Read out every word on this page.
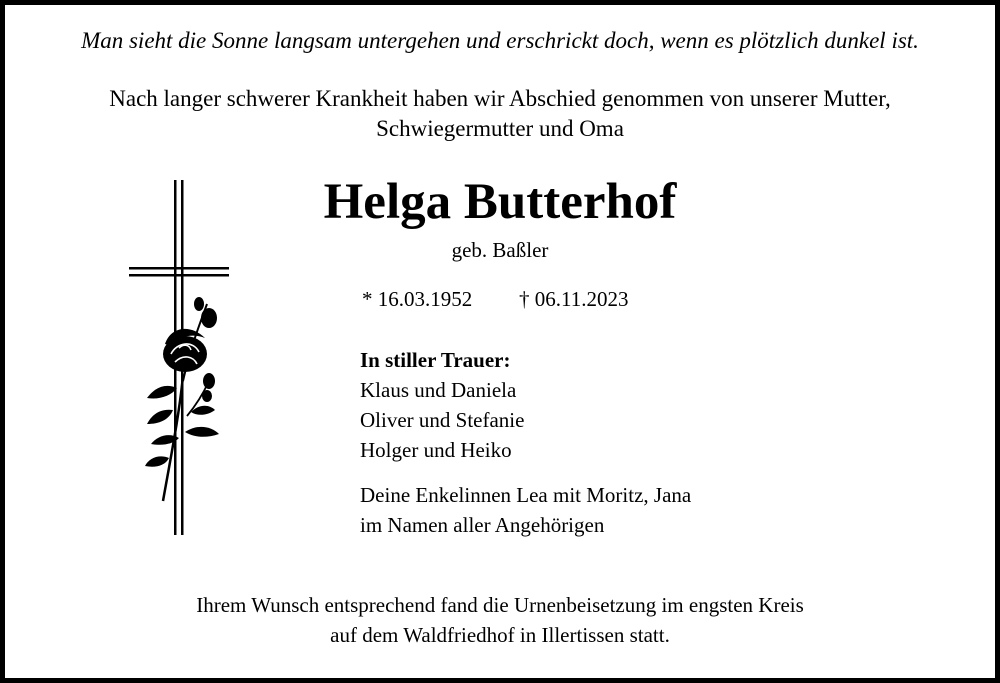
Man sieht die Sonne langsam untergehen und erschrickt doch, wenn es plötzlich dunkel ist.
Nach langer schwerer Krankheit haben wir Abschied genommen von unserer Mutter,
Schwiegermutter und Oma
Helga Butterhof
geb. Baßler
* 16.03.1952 † 06.11.2023
In stiller Trauer:
Klaus und Daniela
Oliver und Stefanie
Holger und Heiko
Deine Enkelinnen Lea mit Moritz, Jana
im Namen aller Angehörigen
Ihrem Wunsch entsprechend fand die Urnenbeisetzung im engsten Kreis
auf dem Waldfriedhof in Illertissen statt.
